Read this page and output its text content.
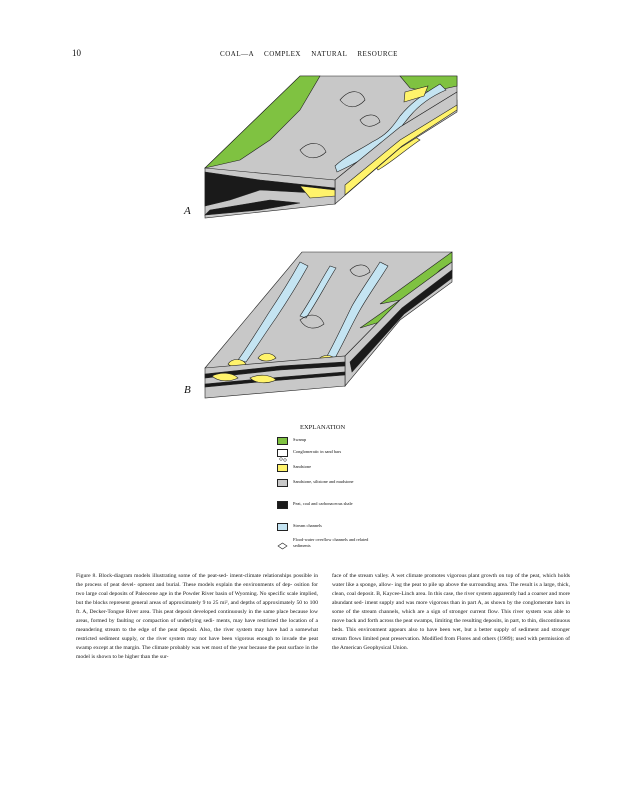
10	COAL—A COMPLEX NATURAL RESOURCE
A
B
EXPLANATION
Swamp
Conglomeratic in sand bars
Sandstone
Sandstone, siltstone and mudstone
Peat, coal and carbonaceous shale
Stream channels
Flood-water overflow channels and related sediments
Figure 8. Block-diagram models illustrating some of the peat-sed- iment-climate relationships possible in the process of peat devel- opment and burial. These models explain the environments of dep- osition for two large coal deposits of Paleocene age in the Powder River basin of Wyoming. No specific scale implied, but the blocks represent general areas of approximately 9 to 25 mi², and depths of approximately 50 to 100 ft. A, Decker-Tongue River area. This peat deposit developed continuously in the same place because low areas, formed by faulting or compaction of underlying sedi- ments, may have restricted the location of a meandering stream to the edge of the peat deposit. Also, the river system may have had a somewhat restricted sediment supply, or the river system may not have been vigorous enough to invade the peat swamp except at the margin. The climate probably was wet most of the year because the peat surface in the model is shown to be higher than the sur-
face of the stream valley. A wet climate promotes vigorous plant growth on top of the peat, which holds water like a sponge, allow- ing the peat to pile up above the surrounding area. The result is a large, thick, clean, coal deposit. B, Kaycee-Linch area. In this case, the river system apparently had a coarser and more abundant sed- iment supply and was more vigorous than in part A, as shown by the conglomerate bars in some of the stream channels, which are a sign of stronger current flow. This river system was able to move back and forth across the peat swamps, limiting the resulting deposits, in part, to thin, discontinuous beds. This environment appears also to have been wet, but a better supply of sediment and stronger stream flows limited peat preservation. Modified from Flores and others (1989); used with permission of the American Geophysical Union.
